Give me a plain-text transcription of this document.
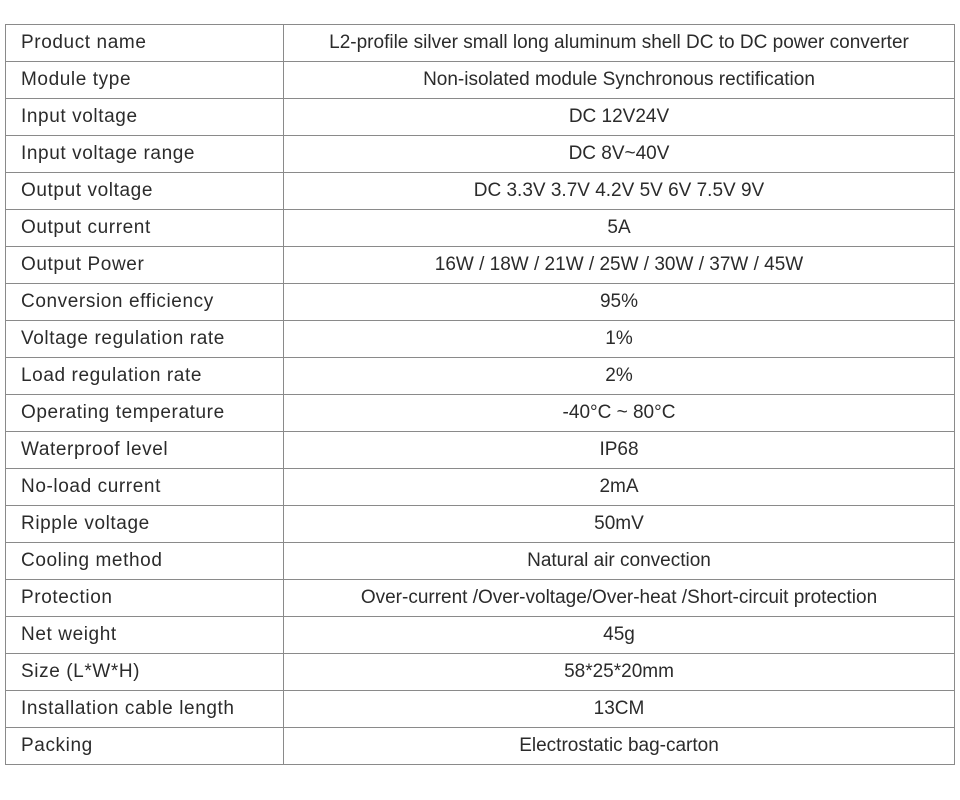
Product name	L2-profile silver small long aluminum shell DC to DC power converter
Module type	Non-isolated module Synchronous rectification
Input voltage	DC 12V24V
Input voltage range	DC 8V~40V
Output voltage	DC 3.3V 3.7V 4.2V 5V 6V 7.5V 9V
Output current	5A
Output Power	16W / 18W / 21W / 25W / 30W / 37W / 45W
Conversion efficiency	95%
Voltage regulation rate	1%
Load regulation rate	2%
Operating temperature	-40°C ~ 80°C
Waterproof level	IP68
No-load current	2mA
Ripple voltage	50mV
Cooling method	Natural air convection
Protection	Over-current /Over-voltage/Over-heat /Short-circuit protection
Net weight	45g
Size (L*W*H)	58*25*20mm
Installation cable length	13CM
Packing	Electrostatic bag-carton
